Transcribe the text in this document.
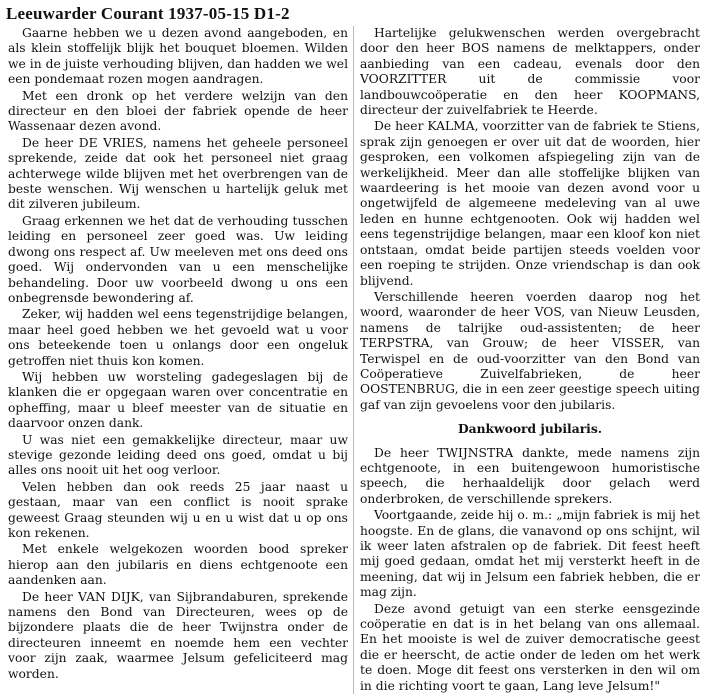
Leeuwarder Courant 1937-05-15 D1-2

Gaarne hebben we u dezen avond aangeboden, en als klein stoffelijk blijk het bouquet bloemen. Wilden we in de juiste verhouding blijven, dan hadden we wel een pondemaat rozen mogen aandragen.

Met een dronk op het verdere welzijn van den directeur en den bloei der fabriek opende de heer Wassenaar dezen avond.

De heer DE VRIES, namens het geheele personeel sprekende, zeide dat ook het personeel niet graag achterwege wilde blijven met het overbrengen van de beste wenschen. Wij wenschen u hartelijk geluk met dit zilveren jubileum.

Graag erkennen we het dat de verhouding tusschen leiding en personeel zeer goed was. Uw leiding dwong ons respect af. Uw meeleven met ons deed ons goed. Wij ondervonden van u een menschelijke behandeling. Door uw voorbeeld dwong u ons een onbegrensde bewondering af.

Zeker, wij hadden wel eens tegenstrijdige belangen, maar heel goed hebben we het gevoeld wat u voor ons beteekende toen u onlangs door een ongeluk getroffen niet thuis kon komen.

Wij hebben uw worsteling gadegeslagen bij de klanken die er opgegaan waren over concentratie en opheffing, maar u bleef meester van de situatie en daarvoor onzen dank.

U was niet een gemakkelijke directeur, maar uw stevige gezonde leiding deed ons goed, omdat u bij alles ons nooit uit het oog verloor.

Velen hebben dan ook reeds 25 jaar naast u gestaan, maar van een conflict is nooit sprake geweest Graag steunden wij u en u wist dat u op ons kon rekenen.

Met enkele welgekozen woorden bood spreker hierop aan den jubilaris en diens echtgenoote een aandenken aan.

De heer VAN DIJK, van Sijbrandaburen, sprekende namens den Bond van Directeuren, wees op de bijzondere plaats die de heer Twijnstra onder de directeuren inneemt en noemde hem een vechter voor zijn zaak, waarmee Jelsum gefeliciteerd mag worden.

Hartelijke gelukwenschen werden overgebracht door den heer BOS namens de melktappers, onder aanbieding van een cadeau, evenals door den VOORZITTER uit de commissie voor landbouwcoöperatie en den heer KOOPMANS, directeur der zuivelfabriek te Heerde.

De heer KALMA, voorzitter van de fabriek te Stiens, sprak zijn genoegen er over uit dat de woorden, hier gesproken, een volkomen afspiegeling zijn van de werkelijkheid. Meer dan alle stoffelijke blijken van waardeering is het mooie van dezen avond voor u ongetwijfeld de algemeene medeleving van al uwe leden en hunne echtgenooten. Ook wij hadden wel eens tegenstrijdige belangen, maar een kloof kon niet ontstaan, omdat beide partijen steeds voelden voor een roeping te strijden. Onze vriendschap is dan ook blijvend.

Verschillende heeren voerden daarop nog het woord, waaronder de heer VOS, van Nieuw Leusden, namens de talrijke oud-assistenten; de heer TERPSTRA, van Grouw; de heer VISSER, van Terwispel en de oud-voorzitter van den Bond van Coöperatieve Zuivelfabrieken, de heer OOSTENBRUG, die in een zeer geestige speech uiting gaf van zijn gevoelens voor den jubilaris.

Dankwoord jubilaris.

De heer TWIJNSTRA dankte, mede namens zijn echtgenoote, in een buitengewoon humoristische speech, die herhaaldelijk door gelach werd onderbroken, de verschillende sprekers.

Voortgaande, zeide hij o. m.: „mijn fabriek is mij het hoogste. En de glans, die vanavond op ons schijnt, wil ik weer laten afstralen op de fabriek. Dit feest heeft mij goed gedaan, omdat het mij versterkt heeft in de meening, dat wij in Jelsum een fabriek hebben, die er mag zijn.

Deze avond getuigt van een sterke eensgezinde coöperatie en dat is in het belang van ons allemaal. En het mooiste is wel de zuiver democratische geest die er heerscht, de actie onder de leden om het werk te doen. Moge dit feest ons versterken in den wil om in die richting voort te gaan, Lang leve Jelsum!"
